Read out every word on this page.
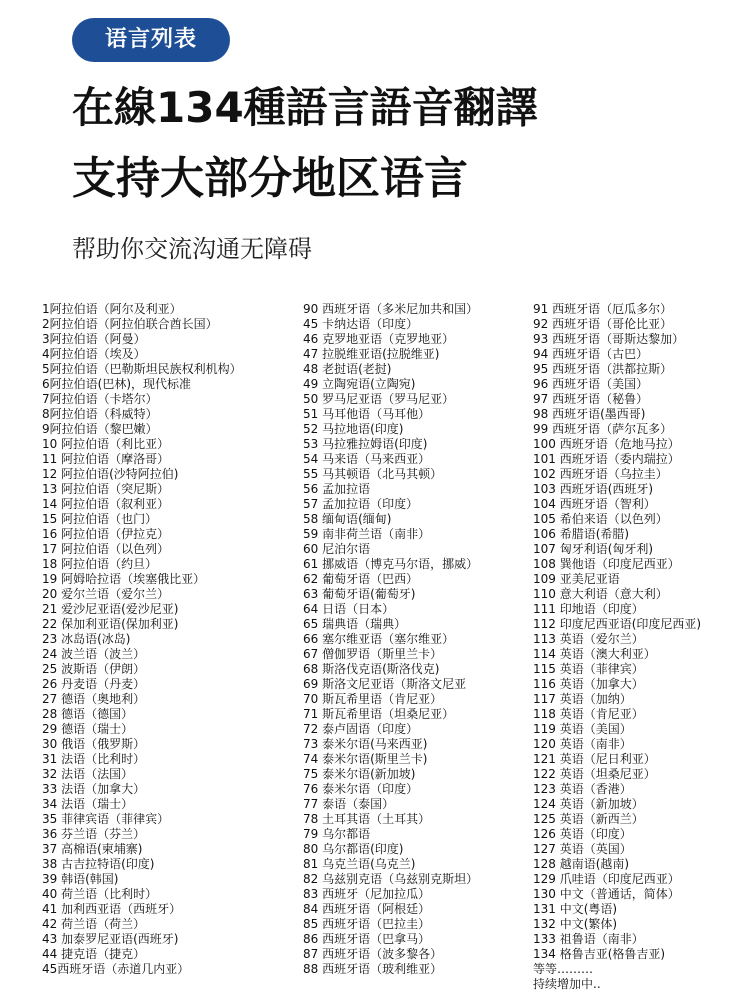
语言列表
在線134種語言語音翻譯
支持大部分地区语言

帮助你交流沟通无障碍

1阿拉伯语（阿尔及利亚）
2阿拉伯语（阿拉伯联合酋长国）
3阿拉伯语（阿曼）
4阿拉伯语（埃及）
5阿拉伯语（巴勒斯坦民族权利机构）
6阿拉伯语(巴林)，现代标准
7阿拉伯语（卡塔尔）
8阿拉伯语（科威特）
9阿拉伯语（黎巴嫩）
10 阿拉伯语（利比亚）
11 阿拉伯语（摩洛哥）
12 阿拉伯语(沙特阿拉伯)
13 阿拉伯语（突尼斯）
14 阿拉伯语（叙利亚）
15 阿拉伯语（也门）
16 阿拉伯语（伊拉克）
17 阿拉伯语（以色列）
18 阿拉伯语（约旦）
19 阿姆哈拉语（埃塞俄比亚）
20 爱尔兰语（爱尔兰）
21 爱沙尼亚语(爱沙尼亚)
22 保加利亚语(保加利亚)
23 冰岛语(冰岛)
24 波兰语（波兰）
25 波斯语（伊朗）
26 丹麦语（丹麦）
27 德语（奥地利）
28 德语（德国）
29 德语（瑞士）
30 俄语（俄罗斯）
31 法语（比利时）
32 法语（法国）
33 法语（加拿大）
34 法语（瑞士）
35 菲律宾语（菲律宾）
36 芬兰语（芬兰）
37 高棉语(柬埔寨)
38 古吉拉特语(印度)
39 韩语(韩国)
40 荷兰语（比利时）
41 加利西亚语（西班牙）
42 荷兰语（荷兰）
43 加泰罗尼亚语(西班牙)
44 捷克语（捷克）
45西班牙语（赤道几内亚）
90 西班牙语（多米尼加共和国）
45 卡纳达语（印度）
46 克罗地亚语（克罗地亚）
47 拉脱维亚语(拉脱维亚)
48 老挝语(老挝)
49 立陶宛语(立陶宛)
50 罗马尼亚语（罗马尼亚）
51 马耳他语（马耳他）
52 马拉地语(印度)
53 马拉雅拉姆语(印度)
54 马来语（马来西亚）
55 马其顿语（北马其顿）
56 孟加拉语
57 孟加拉语（印度）
58 缅甸语(缅甸)
59 南非荷兰语（南非）
60 尼泊尔语
61 挪威语（博克马尔语，挪威）
62 葡萄牙语（巴西）
63 葡萄牙语(葡萄牙)
64 日语（日本）
65 瑞典语（瑞典）
66 塞尔维亚语（塞尔维亚）
67 僧伽罗语（斯里兰卡）
68 斯洛伐克语(斯洛伐克)
69 斯洛文尼亚语（斯洛文尼亚
70 斯瓦希里语（肯尼亚）
71 斯瓦希里语（坦桑尼亚）
72 泰卢固语（印度）
73 泰米尔语(马来西亚)
74 泰米尔语(斯里兰卡)
75 泰米尔语(新加坡)
76 泰米尔语（印度）
77 泰语（泰国）
78 土耳其语（土耳其）
79 乌尔都语
80 乌尔都语(印度)
81 乌克兰语(乌克兰)
82 乌兹别克语（乌兹别克斯坦）
83 西班牙（尼加拉瓜）
84 西班牙语（阿根廷）
85 西班牙语（巴拉圭）
86 西班牙语（巴拿马）
87 西班牙语（波多黎各）
88 西班牙语（玻利维亚）
91 西班牙语（厄瓜多尔）
92 西班牙语（哥伦比亚）
93 西班牙语（哥斯达黎加）
94 西班牙语（古巴）
95 西班牙语（洪都拉斯）
96 西班牙语（美国）
97 西班牙语（秘鲁）
98 西班牙语(墨西哥)
99 西班牙语（萨尔瓦多）
100 西班牙语（危地马拉）
101 西班牙语（委内瑞拉）
102 西班牙语（乌拉圭）
103 西班牙语(西班牙)
104 西班牙语（智利）
105 希伯来语（以色列）
106 希腊语(希腊)
107 匈牙利语(匈牙利)
108 巽他语（印度尼西亚）
109 亚美尼亚语
110 意大利语（意大利）
111 印地语（印度）
112 印度尼西亚语(印度尼西亚)
113 英语（爱尔兰）
114 英语（澳大利亚）
115 英语（菲律宾）
116 英语（加拿大）
117 英语（加纳）
118 英语（肯尼亚）
119 英语（美国）
120 英语（南非）
121 英语（尼日利亚）
122 英语（坦桑尼亚）
123 英语（香港）
124 英语（新加坡）
125 英语（新西兰）
126 英语（印度）
127 英语（英国）
128 越南语(越南)
129 爪哇语（印度尼西亚）
130 中文（普通话，简体）
131 中文(粤语)
132 中文(繁体)
133 祖鲁语（南非）
134 格鲁吉亚(格鲁吉亚)
等等………
持续增加中..
